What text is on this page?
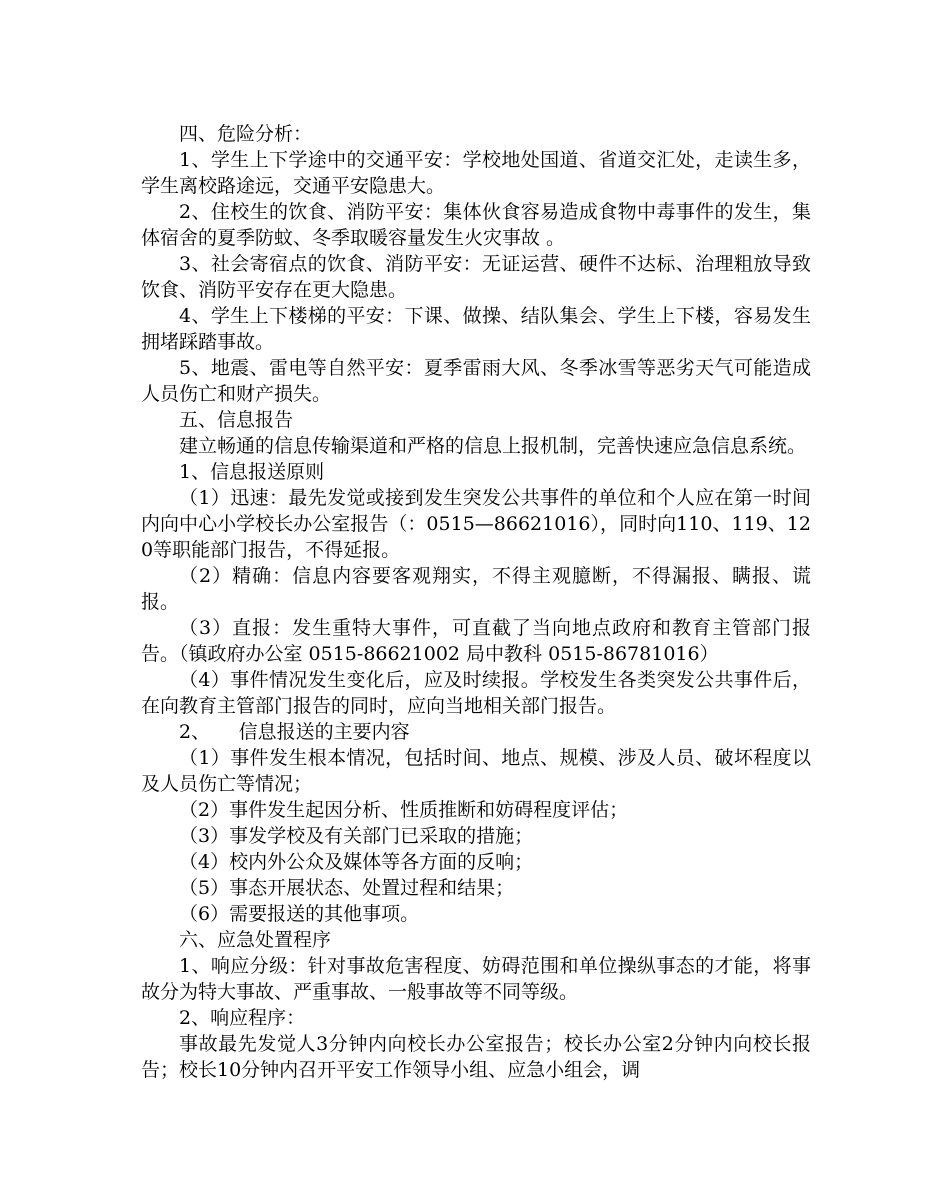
四、危险分析：

1、学生上下学途中的交通平安：学校地处国道、省道交汇处，走读生多，学生离校路途远，交通平安隐患大。

2、住校生的饮食、消防平安：集体伙食容易造成食物中毒事件的发生，集体宿舍的夏季防蚊、冬季取暖容量发生火灾事故 。

3、社会寄宿点的饮食、消防平安：无证运营、硬件不达标、治理粗放导致饮食、消防平安存在更大隐患。

4、学生上下楼梯的平安：下课、做操、结队集会、学生上下楼，容易发生拥堵踩踏事故。

5、地震、雷电等自然平安：夏季雷雨大风、冬季冰雪等恶劣天气可能造成人员伤亡和财产损失。

五、信息报告

建立畅通的信息传输渠道和严格的信息上报机制，完善快速应急信息系统。

1、信息报送原则

（1）迅速：最先发觉或接到发生突发公共事件的单位和个人应在第一时间内向中心小学校长办公室报告（：0515—86621016），同时向110、119、120等职能部门报告，不得延报。

（2）精确：信息内容要客观翔实，不得主观臆断，不得漏报、瞒报、谎报。

（3）直报：发生重特大事件，可直截了当向地点政府和教育主管部门报告。（镇政府办公室 0515-86621002 局中教科 0515-86781016）

（4）事件情况发生变化后，应及时续报。学校发生各类突发公共事件后，在向教育主管部门报告的同时，应向当地相关部门报告。

2、　　信息报送的主要内容

（1）事件发生根本情况，包括时间、地点、规模、涉及人员、破坏程度以及人员伤亡等情况；

（2）事件发生起因分析、性质推断和妨碍程度评估；

（3）事发学校及有关部门已采取的措施；

（4）校内外公众及媒体等各方面的反响；

（5）事态开展状态、处置过程和结果；

（6）需要报送的其他事项。

六、应急处置程序

1、响应分级：针对事故危害程度、妨碍范围和单位操纵事态的才能，将事故分为特大事故、严重事故、一般事故等不同等级。

2、响应程序：

事故最先发觉人3分钟内向校长办公室报告；校长办公室2分钟内向校长报告；校长10分钟内召开平安工作领导小组、应急小组会，调
